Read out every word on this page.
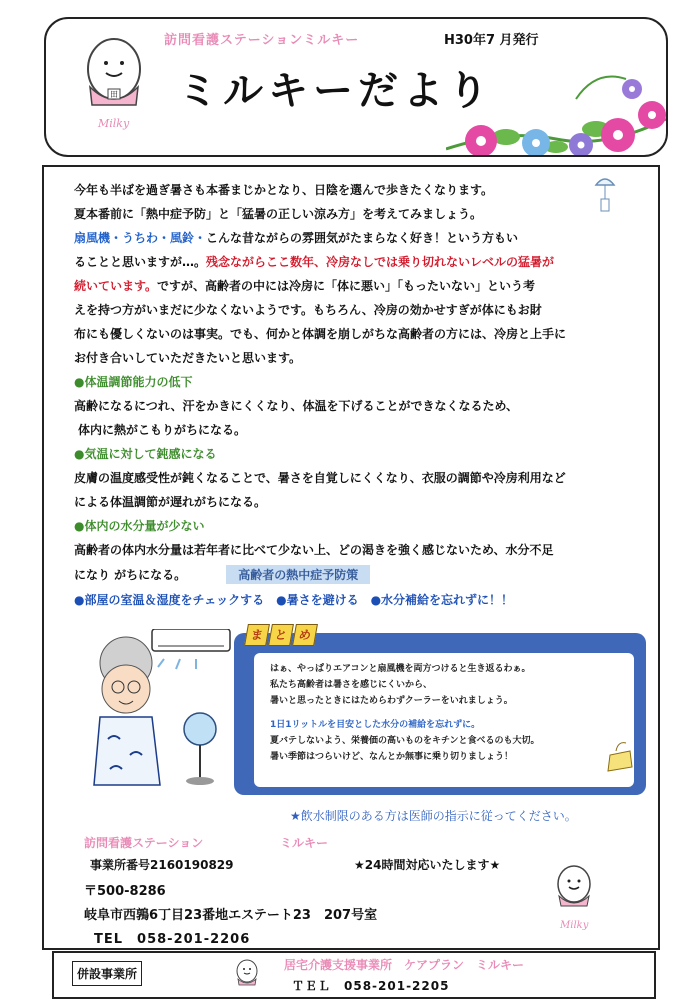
田
Milky
訪問看護ステーションミルキー	H30年7 月発行
ミルキーだより
今年も半ばを過ぎ暑さも本番まじかとなり、日陰を選んで歩きたくなります。
夏本番前に「熱中症予防」と「猛暑の正しい涼み方」を考えてみましょう。
扇風機・うちわ・風鈴・こんな昔ながらの雰囲気がたまらなく好き！という方もい
ることと思いますが…。残念ながらここ数年、冷房なしでは乗り切れないレベルの猛暑が
続いています。ですが、高齢者の中には冷房に「体に悪い」「もったいない」という考
えを持つ方がいまだに少なくないようです。もちろん、冷房の効かせすぎが体にもお財
布にも優しくないのは事実。でも、何かと体調を崩しがちな高齢者の方には、冷房と上手に
お付き合いしていただきたいと思います。
●体温調節能力の低下
高齢になるにつれ、汗をかきにくくなり、体温を下げることができなくなるため、
体内に熱がこもりがちになる。
●気温に対して鈍感になる
皮膚の温度感受性が鈍くなることで、暑さを自覚しにくくなり、衣服の調節や冷房利用など
による体温調節が遅れがちになる。
●体内の水分量が少ない
高齢者の体内水分量は若年者に比べて少ない上、どの渇きを強く感じないため、水分不足
になり がちになる。	高齢者の熱中症予防策
●部屋の室温＆湿度をチェックする　●暑さを避ける　●水分補給を忘れずに！！
ま と め
はぁ、やっぱりエアコンと扇風機を両方つけると生き返るわぁ。
私たち高齢者は暑さを感じにくいから、
暑いと思ったときにはためらわずクーラーをいれましょう。
1日1リットルを目安とした水分の補給を忘れずに。
夏バテしないよう、栄養価の高いものをキチンと食べるのも大切。
暑い季節はつらいけど、なんとか無事に乗り切りましょう！
★飲水制限のある方は医師の指示に従ってください。
訪問看護ステーション	ミルキー
事業所番号2160190829	★24時間対応いたします★
〒500-8286
岐阜市西鶉6丁目23番地エステート23　207号室
TEL　058-201-2206
Milky
併設事業所
居宅介護支援事業所　ケアプラン　ミルキー
ＴＥＬ　058-201-2205
